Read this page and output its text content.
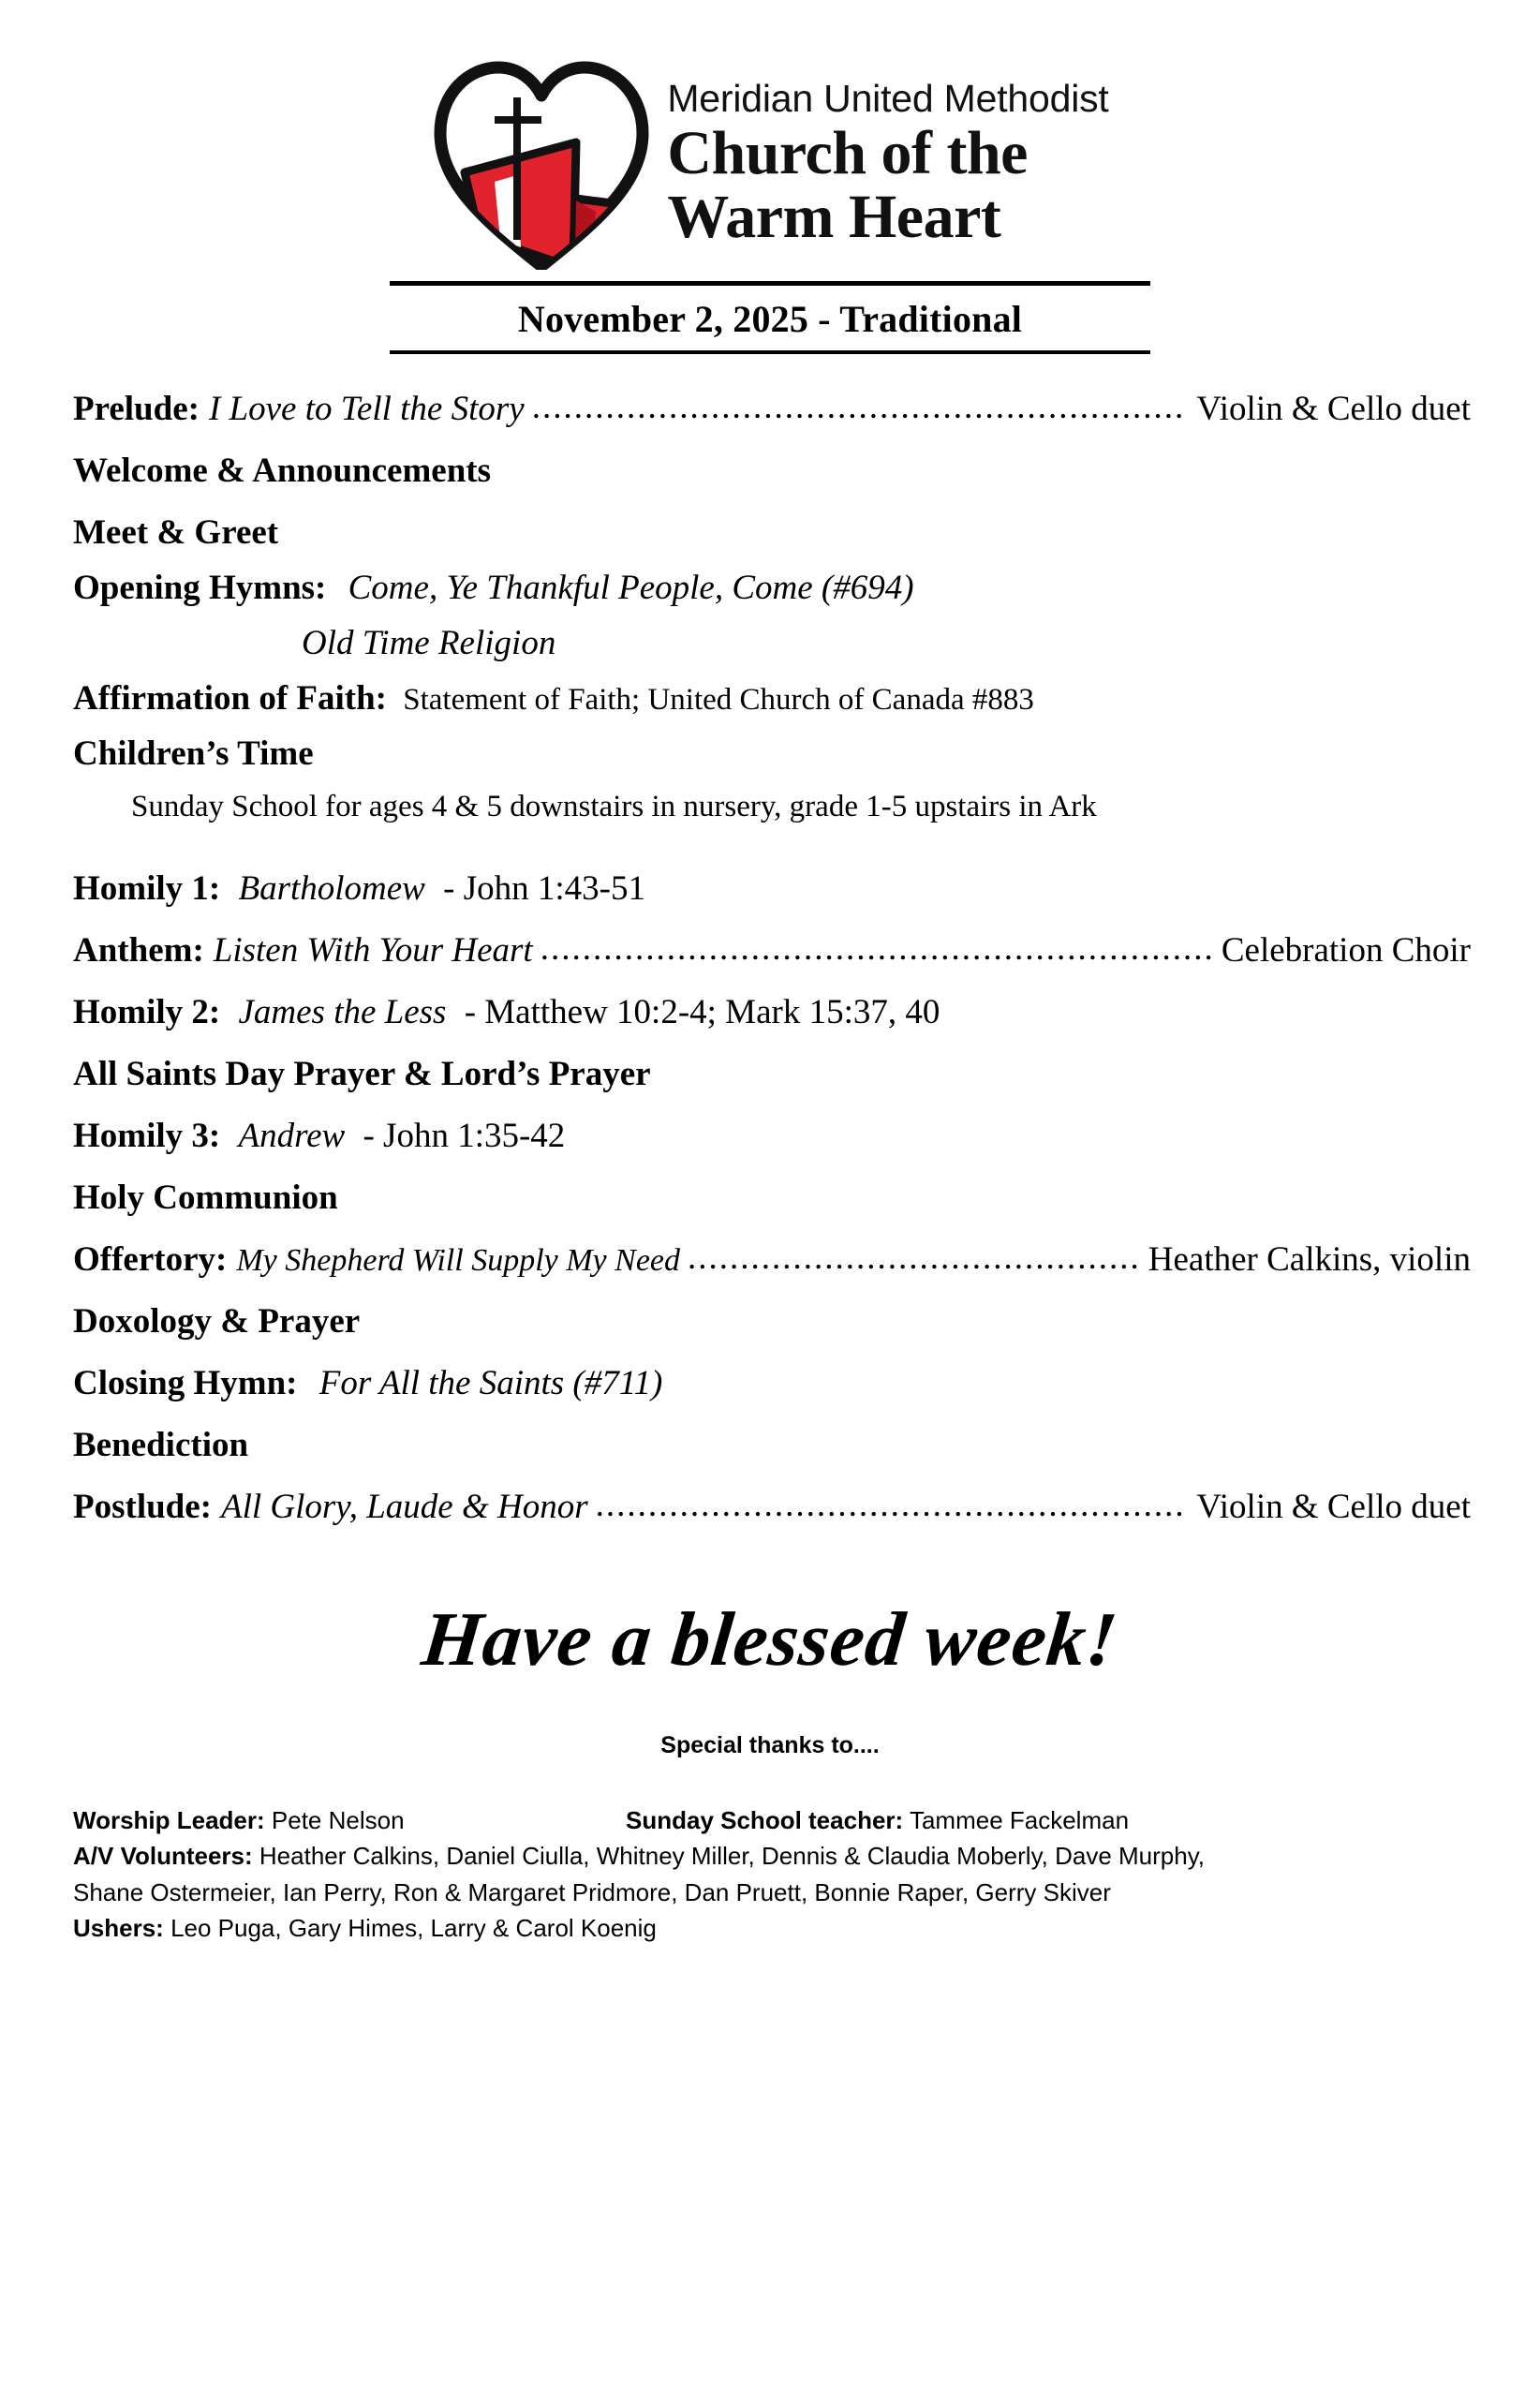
Meridian United Methodist
Church of the
Warm Heart
November 2, 2025 - Traditional
Prelude: I Love to Tell the Story .....	Violin & Cello duet
Welcome & Announcements
Meet & Greet
Opening Hymns: Come, Ye Thankful People, Come (#694)
Old Time Religion
Affirmation of Faith: Statement of Faith; United Church of Canada #883
Children’s Time
Sunday School for ages 4 & 5 downstairs in nursery, grade 1-5 upstairs in Ark
Homily 1: Bartholomew - John 1:43-51
Anthem: Listen With Your Heart .....	Celebration Choir
Homily 2: James the Less - Matthew 10:2-4; Mark 15:37, 40
All Saints Day Prayer & Lord’s Prayer
Homily 3: Andrew - John 1:35-42
Holy Communion
Offertory: My Shepherd Will Supply My Need .....	Heather Calkins, violin
Doxology & Prayer
Closing Hymn: For All the Saints (#711)
Benediction
Postlude: All Glory, Laude & Honor .....	Violin & Cello duet
Have a blessed week!
Special thanks to....
Worship Leader: Pete Nelson	Sunday School teacher: Tammee Fackelman
A/V Volunteers: Heather Calkins, Daniel Ciulla, Whitney Miller, Dennis & Claudia Moberly, Dave Murphy,
Shane Ostermeier, Ian Perry, Ron & Margaret Pridmore, Dan Pruett, Bonnie Raper, Gerry Skiver
Ushers: Leo Puga, Gary Himes, Larry & Carol Koenig
